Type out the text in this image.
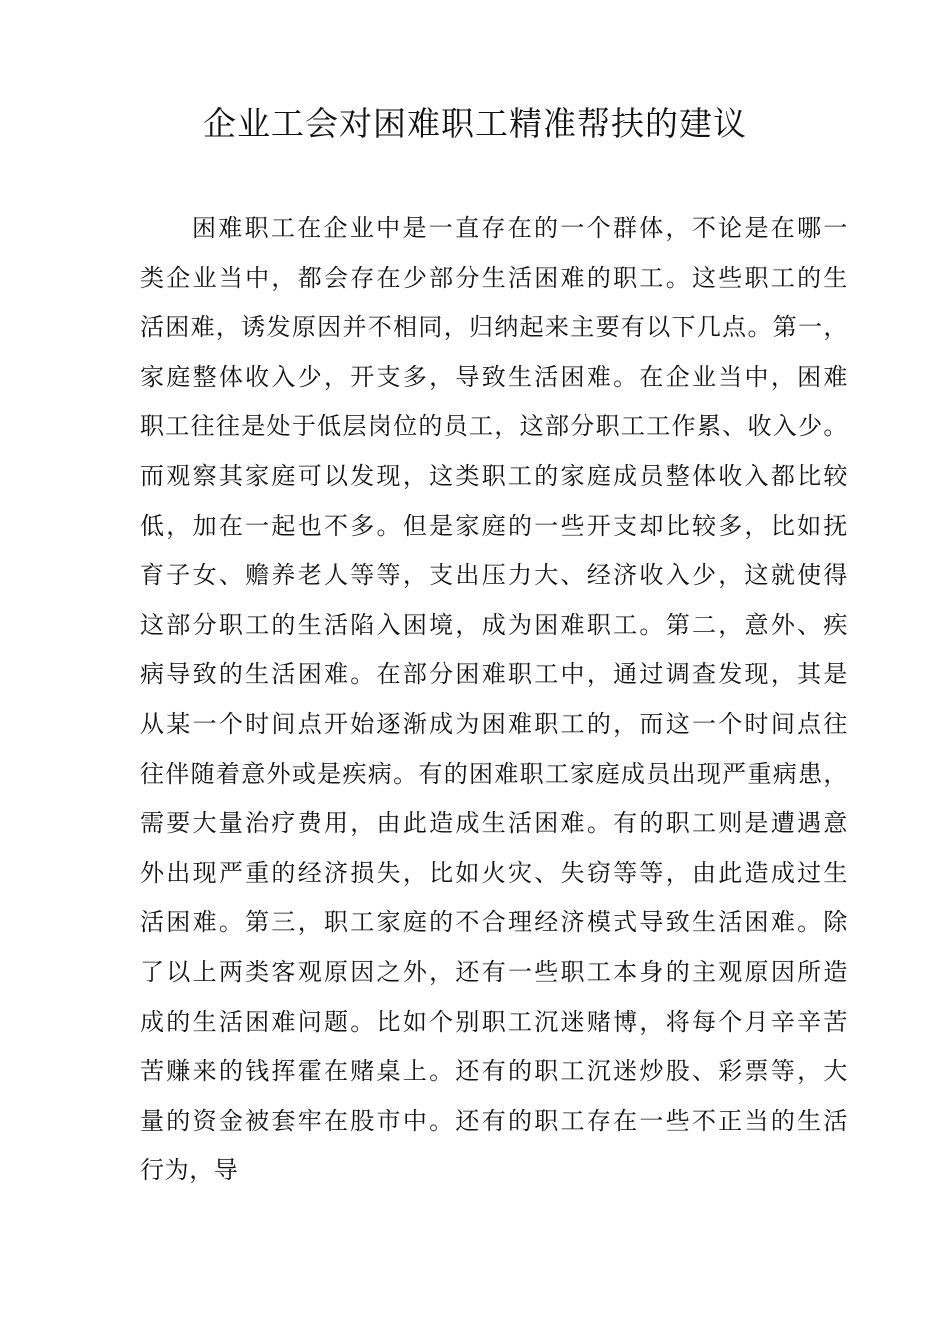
企业工会对困难职工精准帮扶的建议
困难职工在企业中是一直存在的一个群体，不论是在哪一
类企业当中，都会存在少部分生活困难的职工。这些职工的生
活困难，诱发原因并不相同，归纳起来主要有以下几点。第一，
家庭整体收入少，开支多，导致生活困难。在企业当中，困难
职工往往是处于低层岗位的员工，这部分职工工作累、收入少。
而观察其家庭可以发现，这类职工的家庭成员整体收入都比较
低，加在一起也不多。但是家庭的一些开支却比较多，比如抚
育子女、赡养老人等等，支出压力大、经济收入少，这就使得
这部分职工的生活陷入困境，成为困难职工。第二，意外、疾
病导致的生活困难。在部分困难职工中，通过调查发现，其是
从某一个时间点开始逐渐成为困难职工的，而这一个时间点往
往伴随着意外或是疾病。有的困难职工家庭成员出现严重病患，
需要大量治疗费用，由此造成生活困难。有的职工则是遭遇意
外出现严重的经济损失，比如火灾、失窃等等，由此造成过生
活困难。第三，职工家庭的不合理经济模式导致生活困难。除
了以上两类客观原因之外，还有一些职工本身的主观原因所造
成的生活困难问题。比如个别职工沉迷赌博，将每个月辛辛苦
苦赚来的钱挥霍在赌桌上。还有的职工沉迷炒股、彩票等，大
量的资金被套牢在股市中。还有的职工存在一些不正当的生活
行为，导
